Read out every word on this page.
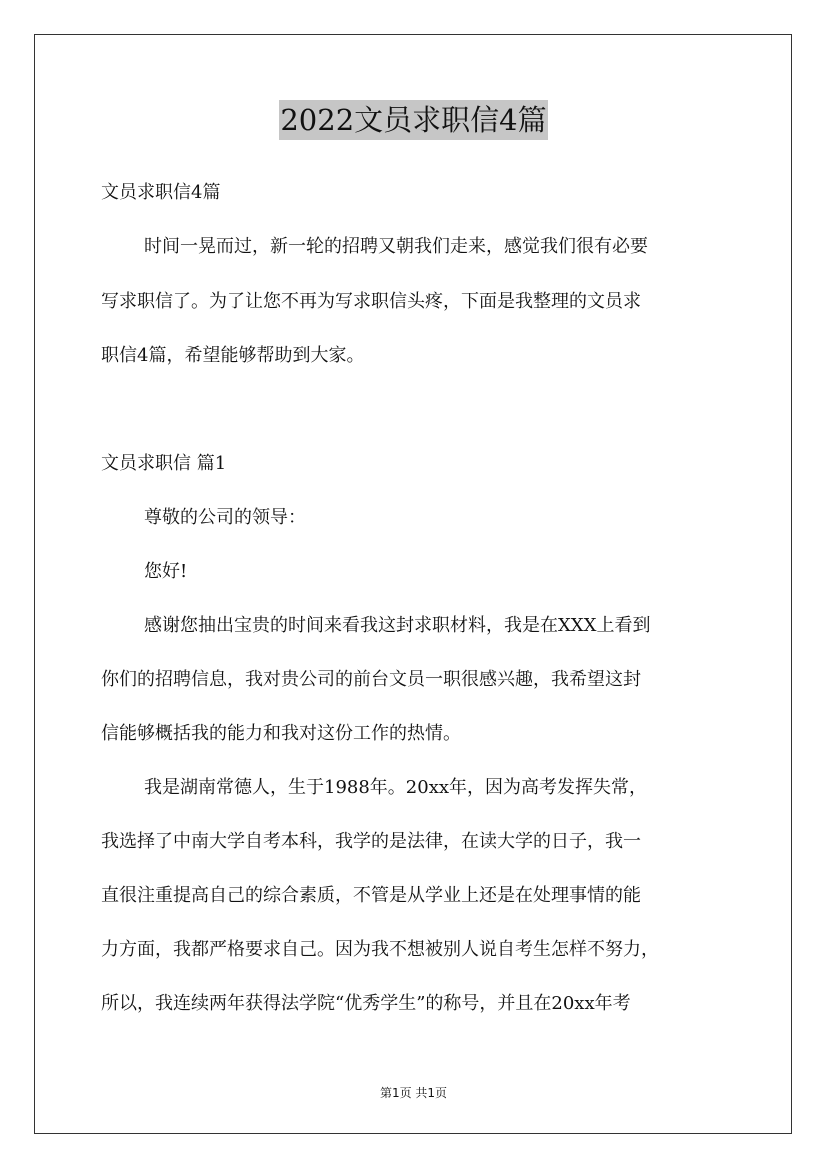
2022文员求职信4篇
文员求职信4篇
时间一晃而过，新一轮的招聘又朝我们走来，感觉我们很有必要
写求职信了。为了让您不再为写求职信头疼，下面是我整理的文员求
职信4篇，希望能够帮助到大家。
文员求职信 篇1
尊敬的公司的领导：
您好!
感谢您抽出宝贵的时间来看我这封求职材料，我是在XXX上看到
你们的招聘信息，我对贵公司的前台文员一职很感兴趣，我希望这封
信能够概括我的能力和我对这份工作的热情。
我是湖南常德人，生于1988年。20xx年，因为高考发挥失常，
我选择了中南大学自考本科，我学的是法律，在读大学的日子，我一
直很注重提高自己的综合素质，不管是从学业上还是在处理事情的能
力方面，我都严格要求自己。因为我不想被别人说自考生怎样不努力，
所以，我连续两年获得法学院“优秀学生”的称号，并且在20xx年考
第1页 共1页
